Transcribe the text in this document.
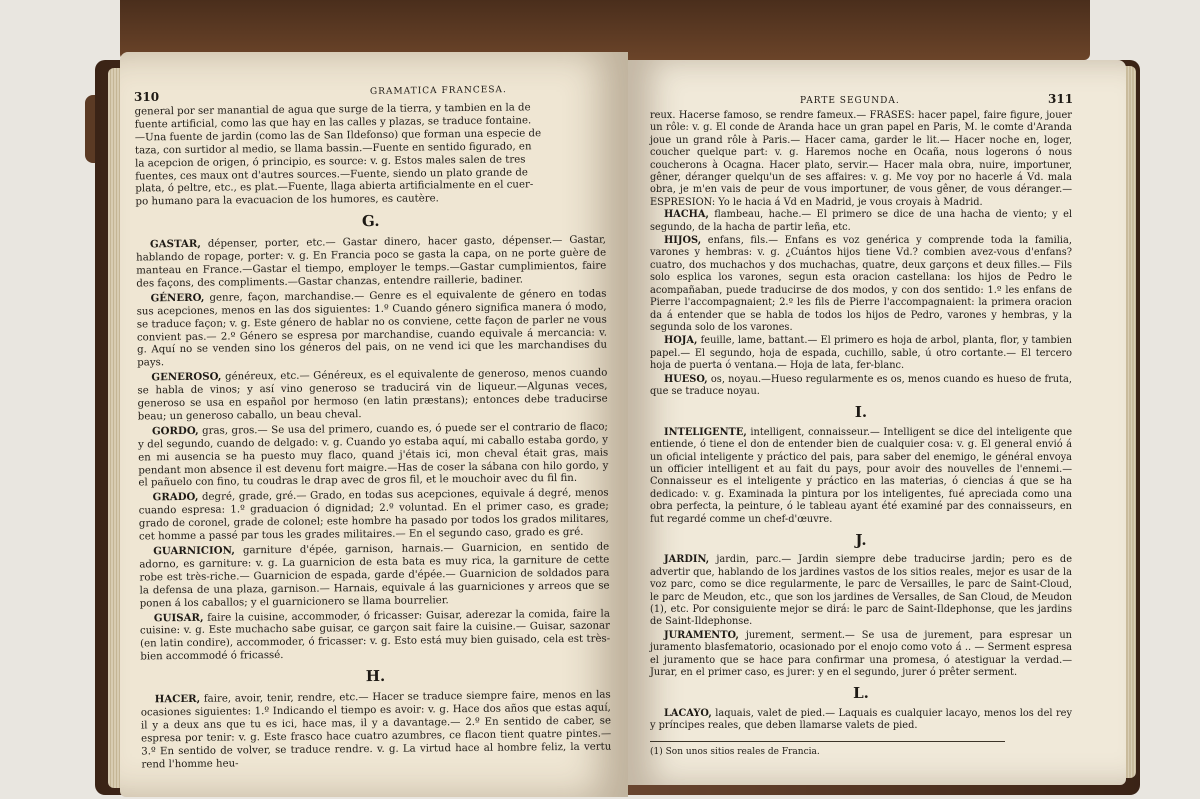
310	GRAMATICA FRANCESA.
general por ser manantial de agua que surge de la tierra, y tambien en la de
fuente artificial, como las que hay en las calles y plazas, se traduce fontaine.
—Una fuente de jardin (como las de San Ildefonso) que forman una especie de
taza, con surtidor al medio, se llama bassin.—Fuente en sentido figurado, en
la acepcion de origen, ó principio, es source: v. g. Estos males salen de tres
fuentes, ces maux ont d'autres sources.—Fuente, siendo un plato grande de
plata, ó peltre, etc., es plat.—Fuente, llaga abierta artificialmente en el cuer-
po humano para la evacuacion de los humores, es cautère.
G.
GASTAR, dépenser, porter, etc.— Gastar dinero, hacer gasto, dépenser.— Gastar, hablando de ropage, porter: v. g. En Francia poco se gasta la capa, on ne porte guère de manteau en France.—Gastar el tiempo, employer le temps.—Gastar cumplimientos, faire des façons, des compliments.—Gastar chanzas, entendre raillerie, badiner.
GÉNERO, genre, façon, marchandise.— Genre es el equivalente de género en todas sus acepciones, menos en las dos siguientes: 1.º Cuando género significa manera ó modo, se traduce façon; v. g. Este género de hablar no os conviene, cette façon de parler ne vous convient pas.— 2.º Género se espresa por marchandise, cuando equivale á mercancia: v. g. Aquí no se venden sino los géneros del pais, on ne vend ici que les marchandises du pays.
GENEROSO, généreux, etc.— Généreux, es el equivalente de generoso, menos cuando se habla de vinos; y así vino generoso se traducirá vin de liqueur.—Algunas veces, generoso se usa en español por hermoso (en latin præstans); entonces debe traducirse beau; un generoso caballo, un beau cheval.
GORDO, gras, gros.— Se usa del primero, cuando es, ó puede ser el contrario de flaco; y del segundo, cuando de delgado: v. g. Cuando yo estaba aquí, mi caballo estaba gordo, y en mi ausencia se ha puesto muy flaco, quand j'étais ici, mon cheval était gras, mais pendant mon absence il est devenu fort maigre.—Has de coser la sábana con hilo gordo, y el pañuelo con fino, tu coudras le drap avec de gros fil, et le mouchoir avec du fil fin.
GRADO, degré, grade, gré.— Grado, en todas sus acepciones, equivale á degré, menos cuando espresa: 1.º graduacion ó dignidad; 2.º voluntad. En el primer caso, es grade; grado de coronel, grade de colonel; este hombre ha pasado por todos los grados militares, cet homme a passé par tous les grades militaires.— En el segundo caso, grado es gré.
GUARNICION, garniture d'épée, garnison, harnais.— Guarnicion, en sentido de adorno, es garniture: v. g. La guarnicion de esta bata es muy rica, la garniture de cette robe est très-riche.— Guarnicion de espada, garde d'épée.— Guarnicion de soldados para la defensa de una plaza, garnison.— Harnais, equivale á las guarniciones y arreos que se ponen á los caballos; y el guarnicionero se llama bourrelier.
GUISAR, faire la cuisine, accommoder, ó fricasser: Guisar, aderezar la comida, faire la cuisine: v. g. Este muchacho sabe guisar, ce garçon sait faire la cuisine.— Guisar, sazonar (en latin condire), accommoder, ó fricasser: v. g. Esto está muy bien guisado, cela est très-bien accommodé ó fricassé.
H.
HACER, faire, avoir, tenir, rendre, etc.— Hacer se traduce siempre faire, menos en las ocasiones siguientes: 1.º Indicando el tiempo es avoir: v. g. Hace dos años que estas aquí, il y a deux ans que tu es ici, hace mas, il y a davantage.— 2.º En sentido de caber, se espresa por tenir: v. g. Este frasco hace cuatro azumbres, ce flacon tient quatre pintes.— 3.º En sentido de volver, se traduce rendre. v. g. La virtud hace al hombre feliz, la vertu rend l'homme heu-
PARTE SEGUNDA.	311
reux. Hacerse famoso, se rendre fameux.— FRASES: hacer papel, faire figure, jouer un rôle: v. g. El conde de Aranda hace un gran papel en Paris, M. le comte d'Aranda joue un grand rôle à Paris.— Hacer cama, garder le lit.— Hacer noche en, loger, coucher quelque part: v. g. Haremos noche en Ocaña, nous logerons ó nous coucherons à Ocagna. Hacer plato, servir.— Hacer mala obra, nuire, importuner, gêner, déranger quelqu'un de ses affaires: v. g. Me voy por no hacerle á Vd. mala obra, je m'en vais de peur de vous importuner, de vous gêner, de vous déranger.— ESPRESION: Yo le hacia á Vd en Madrid, je vous croyais à Madrid.
HACHA, flambeau, hache.— El primero se dice de una hacha de viento; y el segundo, de la hacha de partir leña, etc.
HIJOS, enfans, fils.— Enfans es voz genérica y comprende toda la familia, varones y hembras: v. g. ¿Cuántos hijos tiene Vd.? combien avez-vous d'enfans? cuatro, dos muchachos y dos muchachas, quatre, deux garçons et deux filles.— Fils solo esplica los varones, segun esta oracion castellana: los hijos de Pedro le acompañaban, puede traducirse de dos modos, y con dos sentido: 1.º les enfans de Pierre l'accompagnaient; 2.º les fils de Pierre l'accompagnaient: la primera oracion da á entender que se habla de todos los hijos de Pedro, varones y hembras, y la segunda solo de los varones.
HOJA, feuille, lame, battant.— El primero es hoja de arbol, planta, flor, y tambien papel.— El segundo, hoja de espada, cuchillo, sable, ú otro cortante.— El tercero hoja de puerta ó ventana.— Hoja de lata, fer-blanc.
HUESO, os, noyau.—Hueso regularmente es os, menos cuando es hueso de fruta, que se traduce noyau.
I.
INTELIGENTE, intelligent, connaisseur.— Intelligent se dice del inteligente que entiende, ó tiene el don de entender bien de cualquier cosa: v. g. El general envió á un oficial inteligente y práctico del pais, para saber del enemigo, le général envoya un officier intelligent et au fait du pays, pour avoir des nouvelles de l'ennemi.— Connaisseur es el inteligente y práctico en las materias, ó ciencias á que se ha dedicado: v. g. Examinada la pintura por los inteligentes, fué apreciada como una obra perfecta, la peinture, ó le tableau ayant été examiné par des connaisseurs, en fut regardé comme un chef-d'œuvre.
J.
JARDIN, jardin, parc.— Jardin siempre debe traducirse jardin; pero es de advertir que, hablando de los jardines vastos de los sitios reales, mejor es usar de la voz parc, como se dice regularmente, le parc de Versailles, le parc de Saint-Cloud, le parc de Meudon, etc., que son los jardines de Versalles, de San Cloud, de Meudon (1), etc. Por consiguiente mejor se dirá: le parc de Saint-Ildephonse, que les jardins de Saint-Ildephonse.
JURAMENTO, jurement, serment.— Se usa de jurement, para espresar un juramento blasfematorio, ocasionado por el enojo como voto á .. — Serment espresa el juramento que se hace para confirmar una promesa, ó atestiguar la verdad.— Jurar, en el primer caso, es jurer: y en el segundo, jurer ó prêter serment.
L.
LACAYO, laquais, valet de pied.— Laquais es cualquier lacayo, menos los del rey y príncipes reales, que deben llamarse valets de pied.
(1) Son unos sitios reales de Francia.
